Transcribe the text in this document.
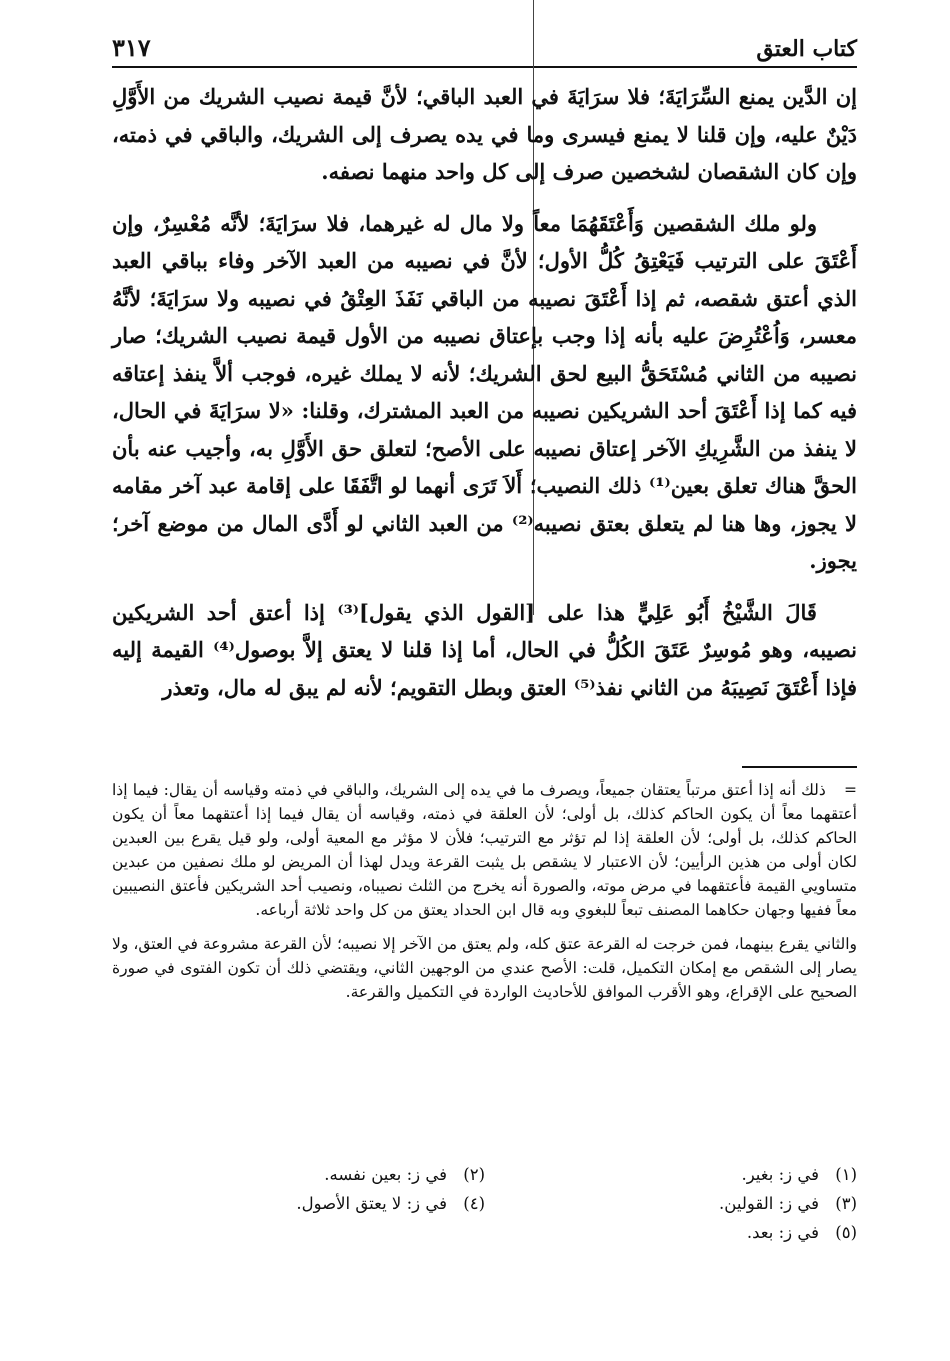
كتاب العتق
٣١٧

إن الدَّين يمنع السِّرَايَةَ؛ فلا سرَايَةَ في العبد الباقي؛ لأنَّ قيمة نصيب الشريك من الأَوَّلِ دَيْنٌ عليه، وإن قلنا لا يمنع فيسرى وما في يده يصرف إلى الشريك، والباقي في ذمته، وإن كان الشقصان لشخصين صرف إلى كل واحد منهما نصفه.

ولو ملك الشقصين وَأَعْتَقَهُمَا معاً ولا مال له غيرهما، فلا سرَايَةَ؛ لأنَّه مُعْسِرٌ، وإن أَعْتَقَ على الترتيب فَيَعْتِقُ كُلُّ الأول؛ لأنَّ في نصيبه من العبد الآخر وفاء بباقي العبد الذي أعتق شقصه، ثم إذا أَعْتَقَ نصيبه من الباقي نَفَذَ العِتْقُ في نصيبه ولا سرَايَةَ؛ لأنَّهُ معسر، وَاُعْتُرِضَ عليه بأنه إذا وجب بإعتاق نصيبه من الأول قيمة نصيب الشريك؛ صار نصيبه من الثاني مُسْتَحَقُّ البيع لحق الشريك؛ لأنه لا يملك غيره، فوجب ألاَّ ينفذ إعتاقه فيه كما إذا أَعْتَقَ أحد الشريكين نصيبه من العبد المشترك، وقلنا: «لا سرَايَةَ في الحال، لا ينفذ من الشَّرِيكِ الآخر إعتاق نصيبه على الأصح؛ لتعلق حق الأَوَّلِ به، وأجيب عنه بأن الحقَّ هناك تعلق بعين⁽¹⁾ ذلك النصيب؛ أَلاَ تَرَى أنهما لو اتَّفَقَا على إقامة عبد آخر مقامه لا يجوز، وها هنا لم يتعلق بعتق نصيبه⁽²⁾ من العبد الثاني لو أَدَّى المال من موضع آخر؛ يجوز.

قَالَ الشَّيْخُ أَبُو عَلِيٍّ هذا على [القول الذي يقول]⁽³⁾ إذا أعتق أحد الشريكين نصيبه، وهو مُوسِرٌ عَتَقَ الكُلُّ في الحال، أما إذا قلنا لا يعتق إلاَّ بوصول⁽⁴⁾ القيمة إليه فإذا أَعْتَقَ نَصِيبَهُ من الثاني نفذ⁽⁵⁾ العتق وبطل التقويم؛ لأنه لم يبق له مال، وتعذر

= ذلك أنه إذا أعتق مرتباً يعتقان جميعاً، ويصرف ما في يده إلى الشريك، والباقي في ذمته وقياسه أن يقال: فيما إذا أعتقهما معاً أن يكون الحاكم كذلك، بل أولى؛ لأن العلقة في ذمته، وقياسه أن يقال فيما إذا أعتقهما معاً أن يكون الحاكم كذلك، بل أولى؛ لأن العلقة إذا لم تؤثر مع الترتيب؛ فلأن لا مؤثر مع المعية أولى، ولو قيل يقرع بين العبدين لكان أولى من هذين الرأيين؛ لأن الاعتبار لا يشقص بل يثبت القرعة ويدل لهذا أن المريض لو ملك نصفين من عبدين متساويي القيمة فأعتقهما في مرض موته، والصورة أنه يخرج من الثلث نصيباه، ونصيب أحد الشريكين فأعتق النصيبين معاً ففيها وجهان حكاهما المصنف تبعاً للبغوي وبه قال ابن الحداد يعتق من كل واحد ثلاثة أرباعه.

والثاني يقرع بينهما، فمن خرجت له القرعة عتق كله، ولم يعتق من الآخر إلا نصيبه؛ لأن القرعة مشروعة في العتق، ولا يصار إلى الشقص مع إمكان التكميل، قلت: الأصح عندي من الوجهين الثاني، ويقتضي ذلك أن تكون الفتوى في صورة الصحيح على الإقراع، وهو الأقرب الموافق للأحاديث الواردة في التكميل والقرعة.

(١)
في ز: بغير.
(٢)
في ز: بعين نفسه.
(٣)
في ز: القولين.
(٤)
في ز: لا يعتق الأصول.
(٥)
في ز: بعد.
